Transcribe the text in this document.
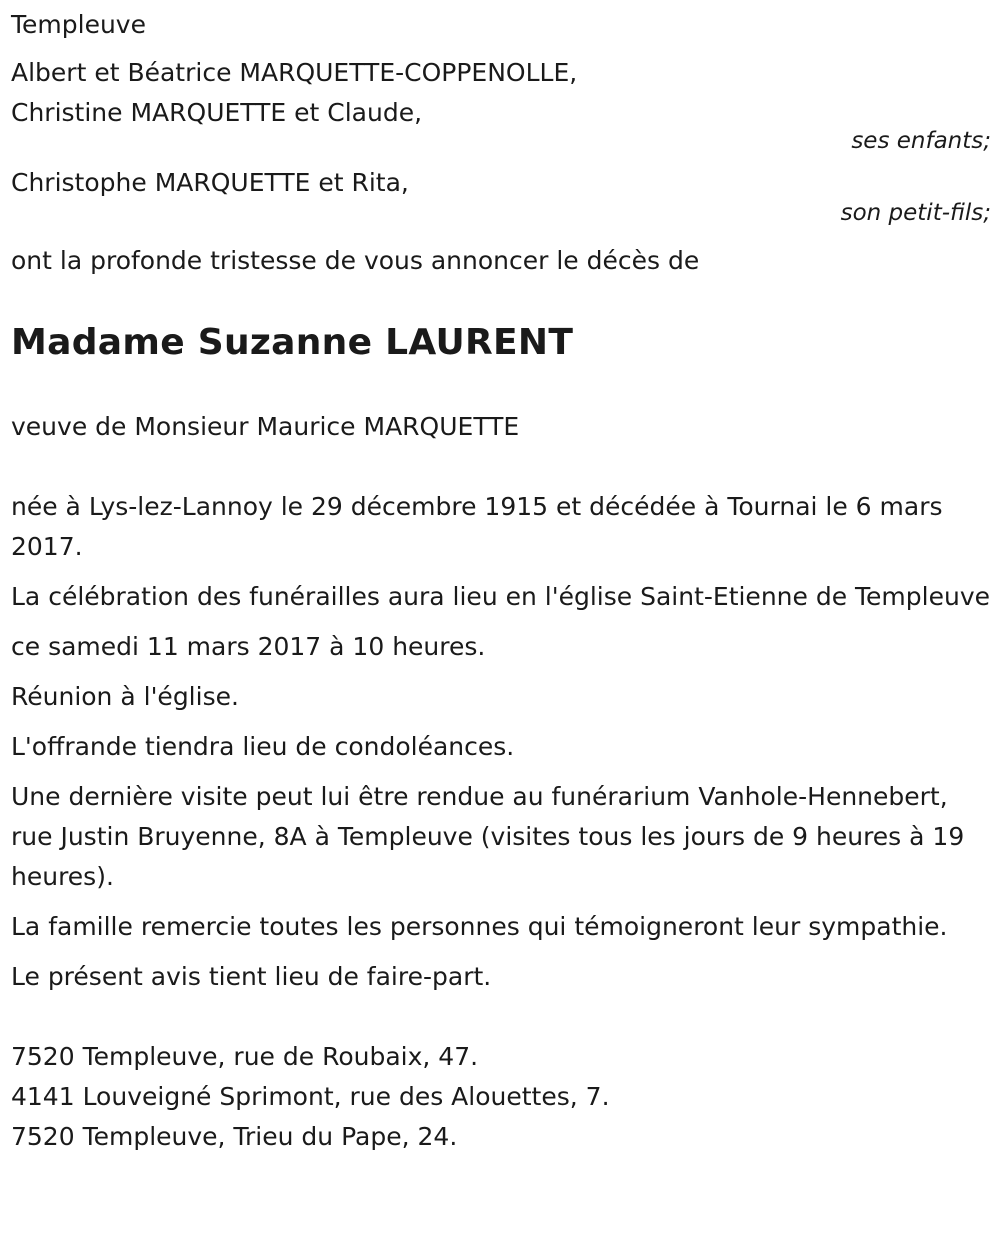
Templeuve

Albert et Béatrice MARQUETTE-COPPENOLLE,

Christine MARQUETTE et Claude,

ses enfants;

Christophe MARQUETTE et Rita,

son petit-fils;

ont la profonde tristesse de vous annoncer le décès de

Madame Suzanne LAURENT

veuve de Monsieur Maurice MARQUETTE

née à Lys-lez-Lannoy le 29 décembre 1915 et décédée à Tournai le 6 mars 2017.

La célébration des funérailles aura lieu en l'église Saint-Etienne de Templeuve

ce samedi 11 mars 2017 à 10 heures.

Réunion à l'église.

L'offrande tiendra lieu de condoléances.

Une dernière visite peut lui être rendue au funérarium Vanhole-Hennebert, rue Justin Bruyenne, 8A à Templeuve (visites tous les jours de 9 heures à 19 heures).

La famille remercie toutes les personnes qui témoigneront leur sympathie.

Le présent avis tient lieu de faire-part.

7520 Templeuve, rue de Roubaix, 47.

4141 Louveigné Sprimont, rue des Alouettes, 7.

7520 Templeuve, Trieu du Pape, 24.
